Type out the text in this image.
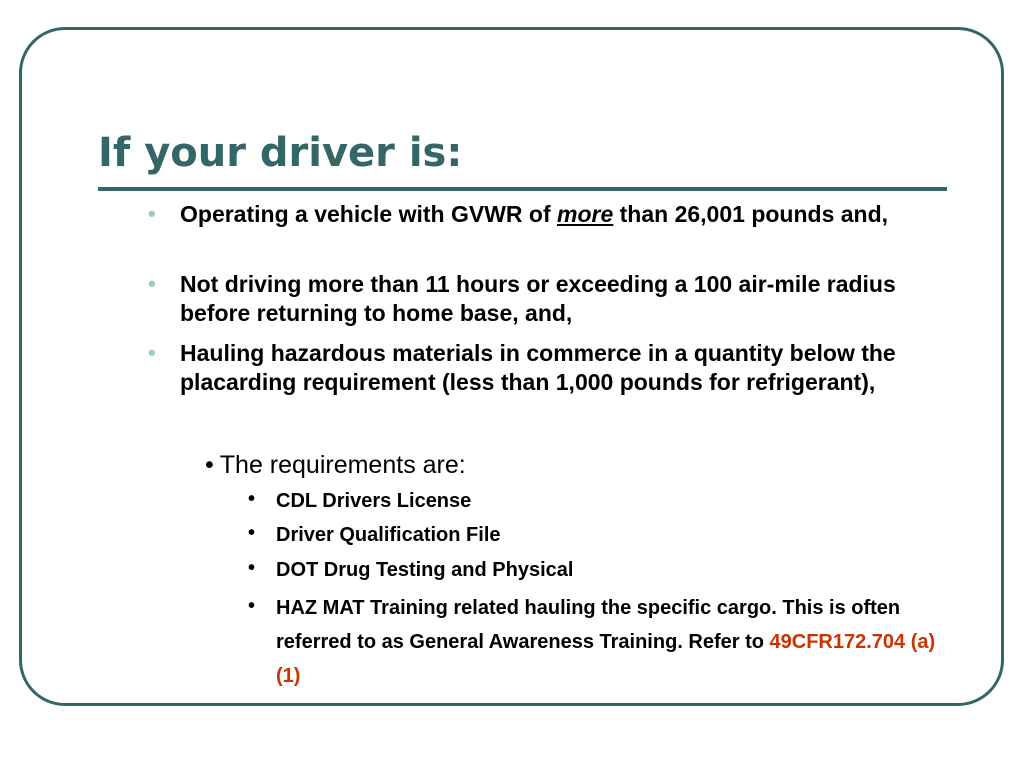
If your driver is:
• Operating a vehicle with GVWR of more than 26,001 pounds and,
• Not driving more than 11 hours or exceeding a 100 air-mile radius before returning to home base, and,
• Hauling hazardous materials in commerce in a quantity below the placarding requirement (less than 1,000 pounds for refrigerant),
• The requirements are:
• CDL Drivers License
• Driver Qualification File
• DOT Drug Testing and Physical
• HAZ MAT Training related hauling the specific cargo. This is often referred to as General Awareness Training. Refer to 49CFR172.704 (a) (1)
